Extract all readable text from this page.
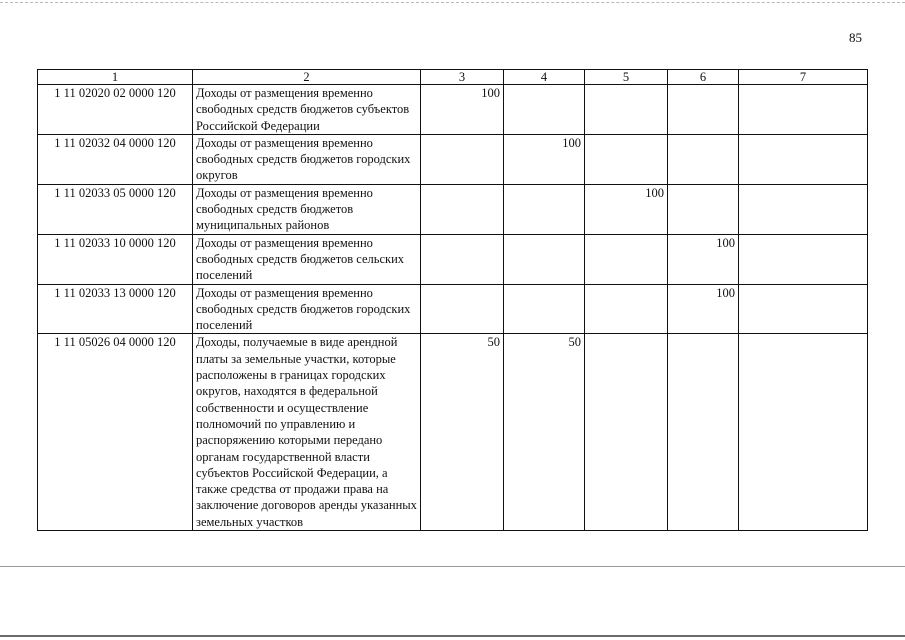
85
1	2	3	4	5	6	7
1 11 02020 02 0000 120	Доходы от размещения временно свободных средств бюджетов субъектов Российской Федерации	100				
1 11 02032 04 0000 120	Доходы от размещения временно свободных средств бюджетов городских округов		100			
1 11 02033 05 0000 120	Доходы от размещения временно свободных средств бюджетов муниципальных районов			100		
1 11 02033 10 0000 120	Доходы от размещения временно свободных средств бюджетов сельских поселений				100	
1 11 02033 13 0000 120	Доходы от размещения временно свободных средств бюджетов городских поселений				100	
1 11 05026 04 0000 120	Доходы, получаемые в виде арендной платы за земельные участки, которые расположены в границах городских округов, находятся в федеральной собственности и осуществление полномочий по управлению и распоряжению которыми передано органам государственной власти субъектов Российской Федерации, а также средства от продажи права на заключение договоров аренды указанных земельных участков	50	50			
